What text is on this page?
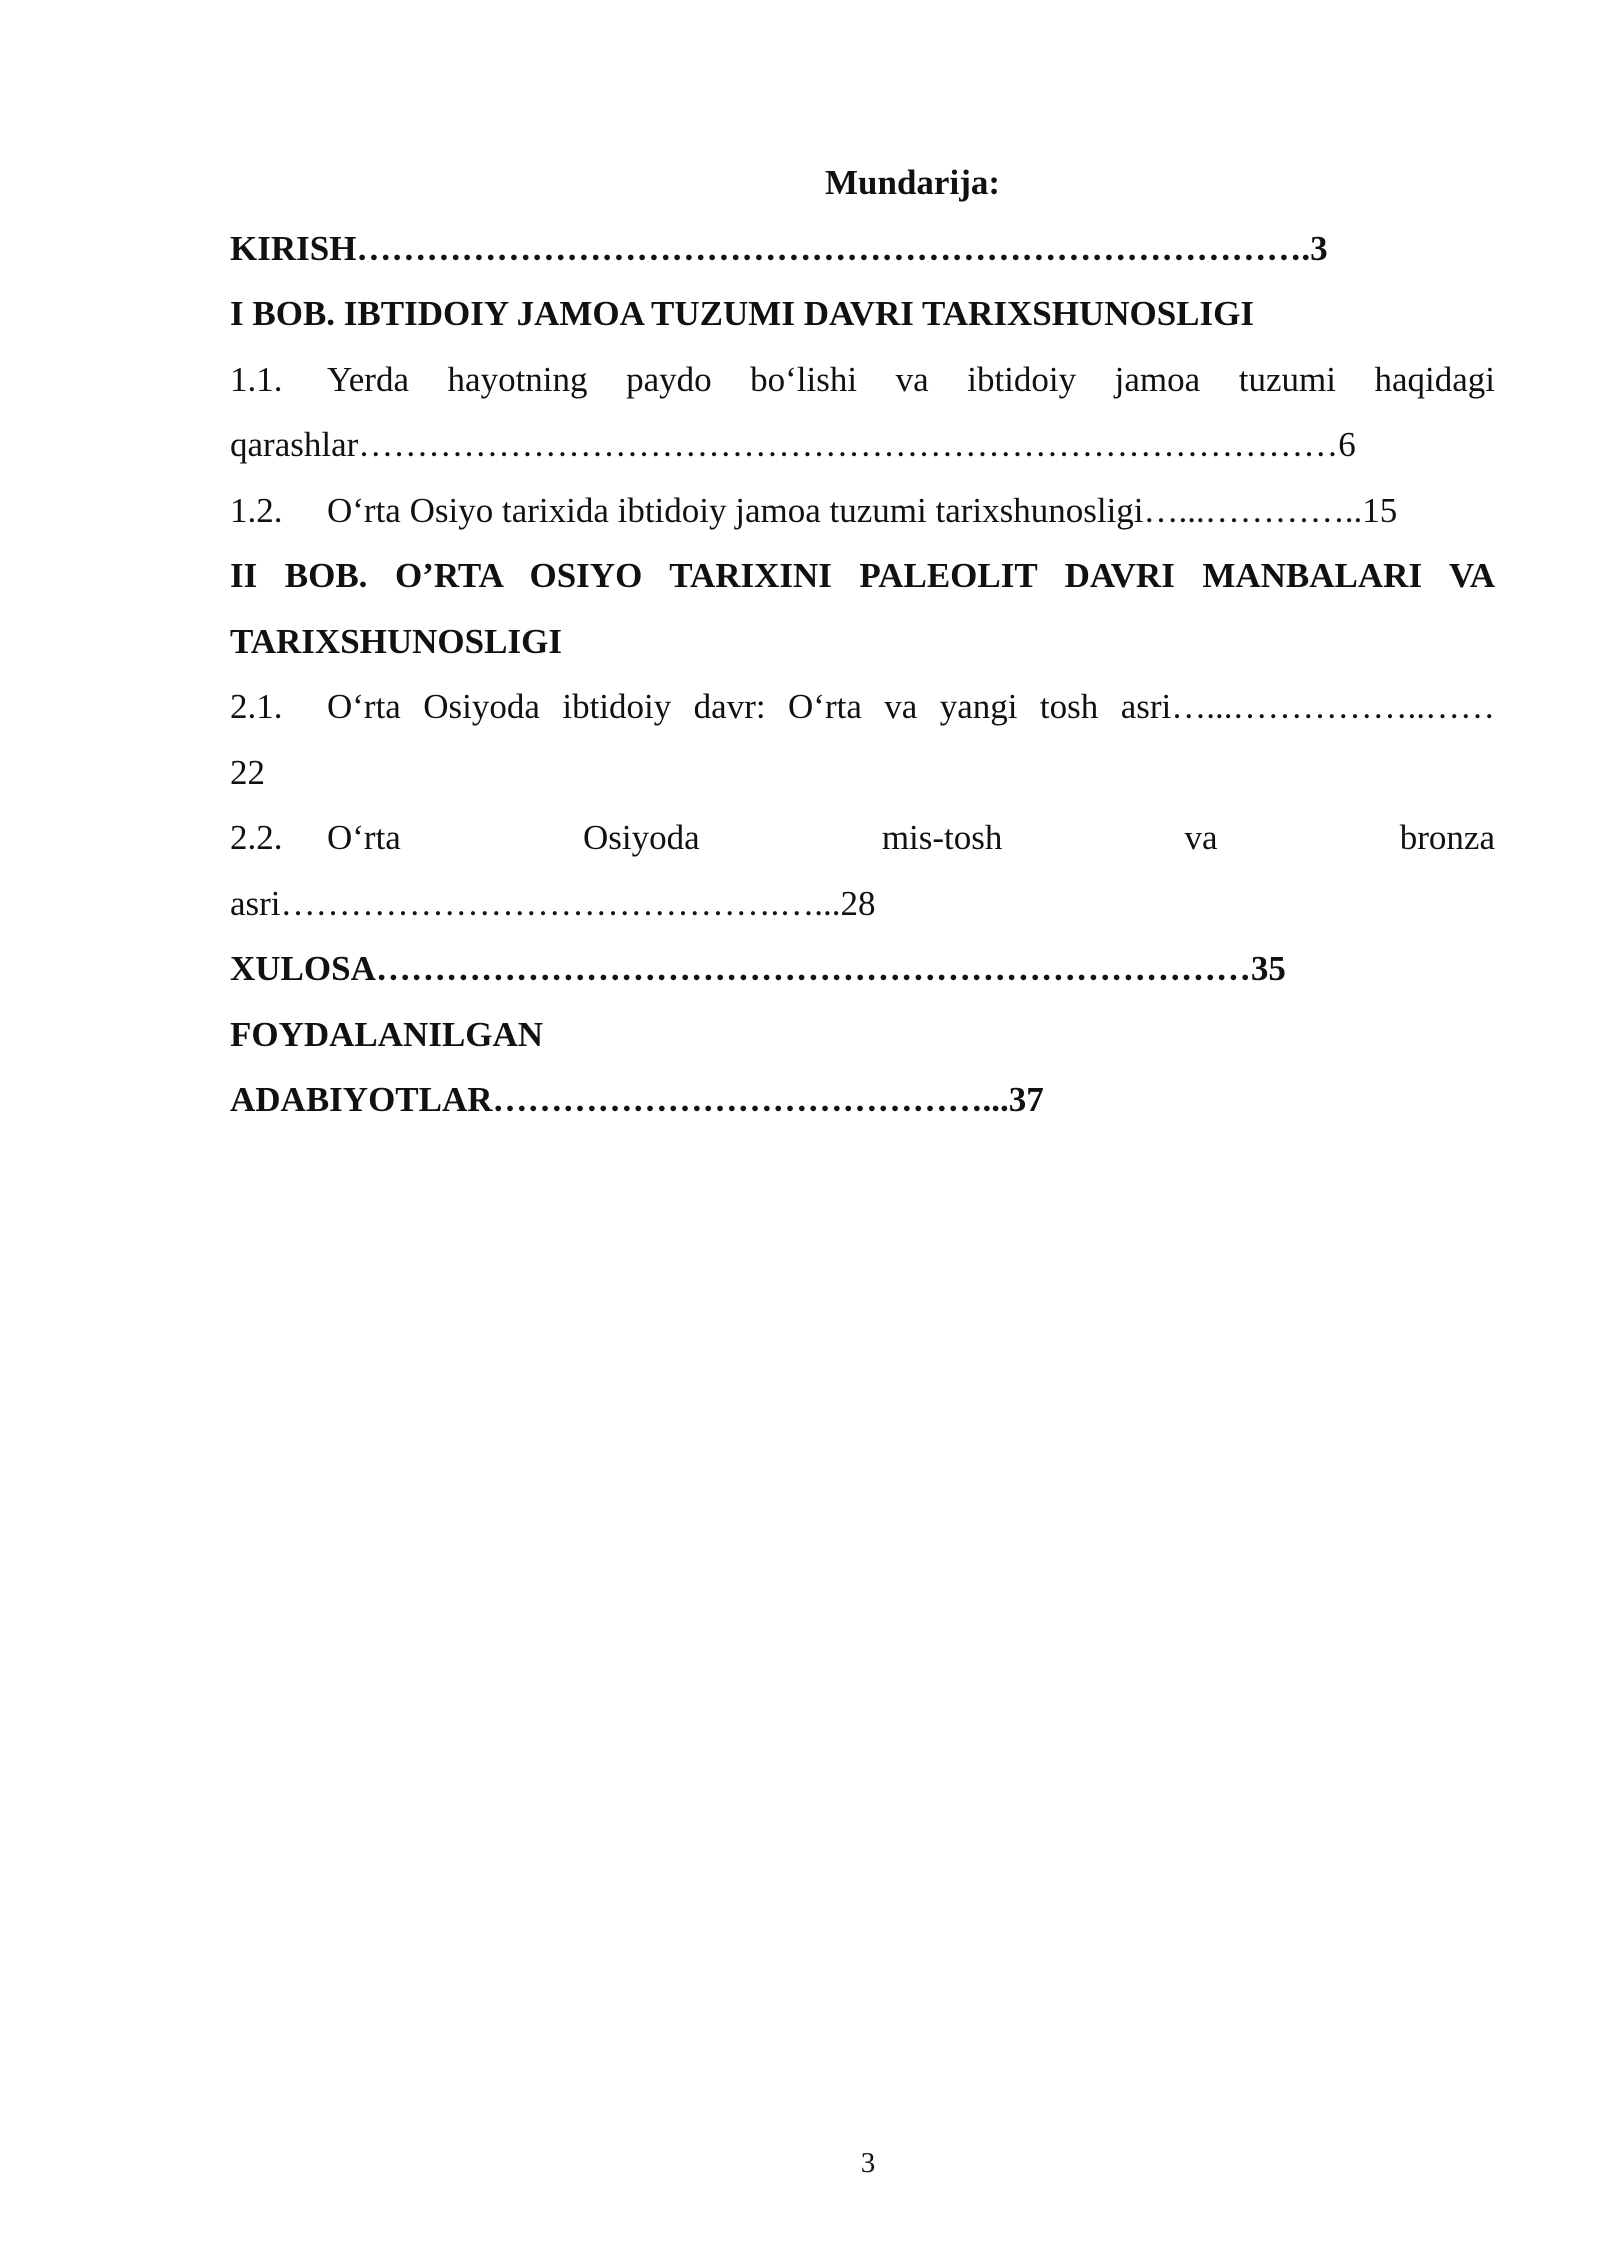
Mundarija:
KIRISH……………………………………………………………………….3
I BOB. IBTIDOIY JAMOA TUZUMI DAVRI TARIXSHUNOSLIGI
1.1. Yerda hayotning paydo bo‘lishi va ibtidoiy jamoa tuzumi haqidagi
qarashlar…………………………………………………………………………6
1.2. O‘rta Osiyo tarixida ibtidoiy jamoa tuzumi tarixshunosligi…...…………..15
II BOB. O’RTA OSIYO TARIXINI PALEOLIT DAVRI MANBALARI VA
TARIXSHUNOSLIGI
2.1. O‘rta Osiyoda ibtidoiy davr: O‘rta va yangi tosh asri…...……………..……
22
2.2. O‘rta Osiyoda mis-tosh va bronza
asri…………………………………….…...28
XULOSA…………………………………………………………………35
FOYDALANILGAN
ADABIYOTLAR……………………………………...37
3
